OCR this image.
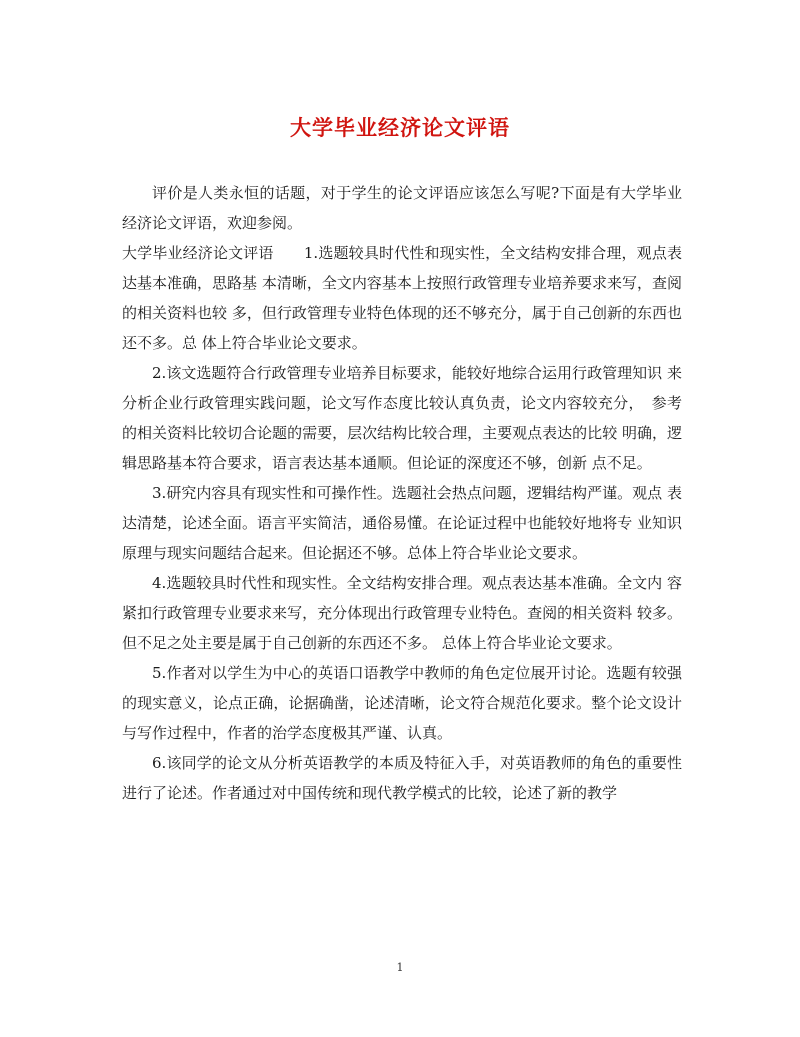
大学毕业经济论文评语

评价是人类永恒的话题，对于学生的论文评语应该怎么写呢?下面是有大学毕业经济论文评语，欢迎参阅。

大学毕业经济论文评语　　1.选题较具时代性和现实性，全文结构安排合理，观点表达基本准确，思路基 本清晰，全文内容基本上按照行政管理专业培养要求来写，查阅的相关资料也较 多，但行政管理专业特色体现的还不够充分，属于自己创新的东西也还不多。总 体上符合毕业论文要求。

2.该文选题符合行政管理专业培养目标要求，能较好地综合运用行政管理知识 来分析企业行政管理实践问题，论文写作态度比较认真负责，论文内容较充分，　参考的相关资料比较切合论题的需要，层次结构比较合理，主要观点表达的比较 明确，逻辑思路基本符合要求，语言表达基本通顺。但论证的深度还不够，创新 点不足。

3.研究内容具有现实性和可操作性。选题社会热点问题，逻辑结构严谨。观点 表达清楚，论述全面。语言平实简洁，通俗易懂。在论证过程中也能较好地将专 业知识原理与现实问题结合起来。但论据还不够。总体上符合毕业论文要求。

4.选题较具时代性和现实性。全文结构安排合理。观点表达基本准确。全文内 容紧扣行政管理专业要求来写，充分体现出行政管理专业特色。查阅的相关资料 较多。 但不足之处主要是属于自己创新的东西还不多。 总体上符合毕业论文要求。

5.作者对以学生为中心的英语口语教学中教师的角色定位展开讨论。选题有较强的现实意义，论点正确，论据确凿，论述清晰，论文符合规范化要求。整个论文设计与写作过程中，作者的治学态度极其严谨、认真。

6.该同学的论文从分析英语教学的本质及特征入手，对英语教师的角色的重要性进行了论述。作者通过对中国传统和现代教学模式的比较，论述了新的教学

1
